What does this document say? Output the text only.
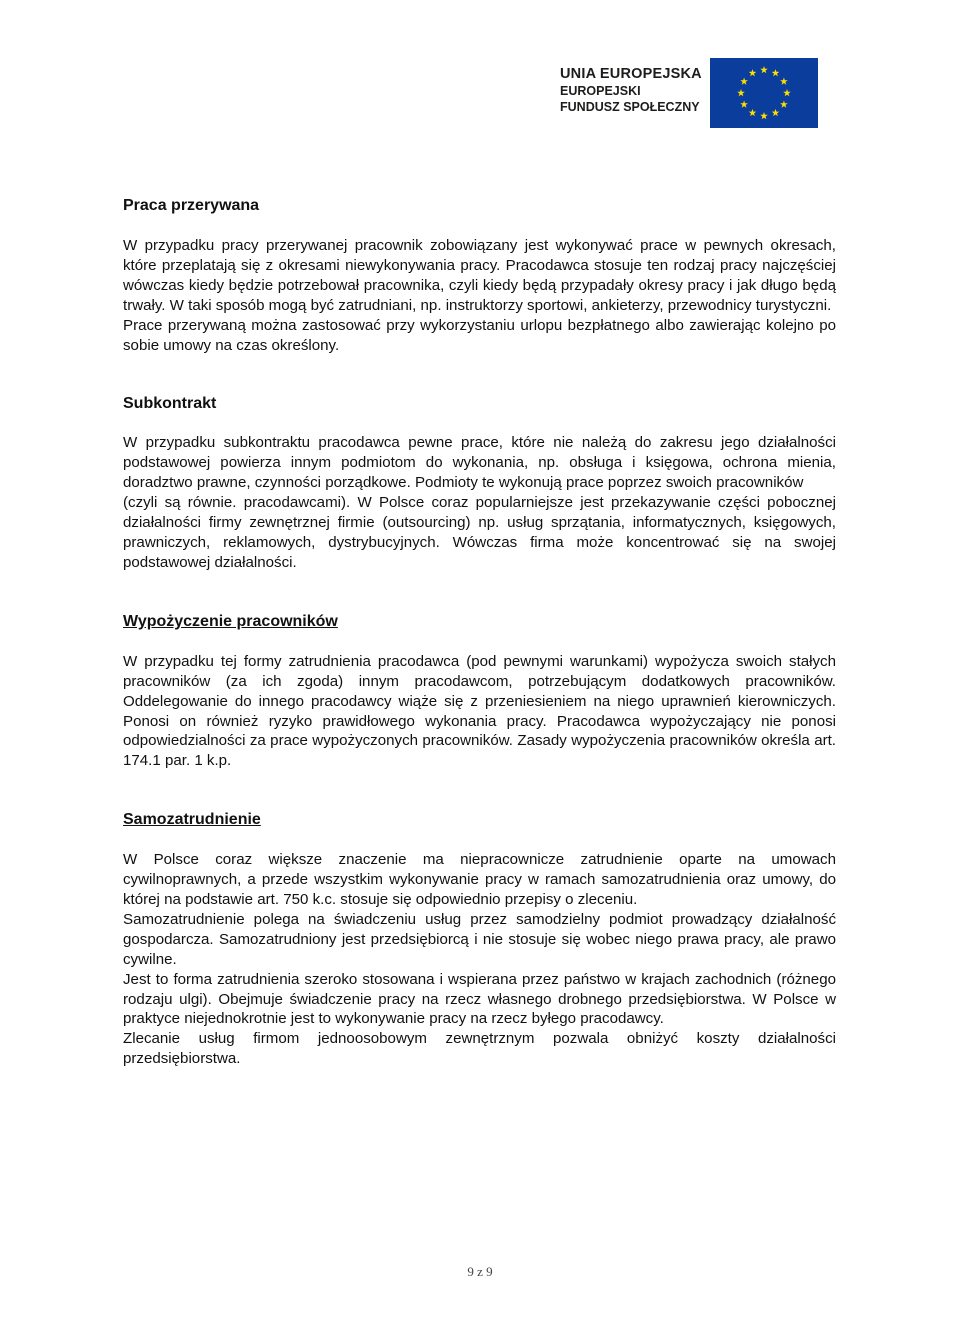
UNIA EUROPEJSKA
EUROPEJSKI
FUNDUSZ SPOŁECZNY
Praca przerywana

W przypadku pracy przerywanej pracownik zobowiązany jest wykonywać prace w pewnych okresach, które przeplatają się z okresami niewykonywania pracy. Pracodawca stosuje ten rodzaj pracy najczęściej wówczas kiedy będzie potrzebował pracownika, czyli kiedy będą przypadały okresy pracy i jak długo będą trwały. W taki sposób mogą być zatrudniani, np. instruktorzy sportowi, ankieterzy, przewodnicy turystyczni.

Prace przerywaną można zastosować przy wykorzystaniu urlopu bezpłatnego albo zawierając kolejno po sobie umowy na czas określony.

Subkontrakt

W przypadku subkontraktu pracodawca pewne prace, które nie należą do zakresu jego działalności podstawowej powierza innym podmiotom do wykonania, np. obsługa i księgowa, ochrona mienia, doradztwo prawne, czynności porządkowe. Podmioty te wykonują prace poprzez swoich pracowników

(czyli są równie. pracodawcami). W Polsce coraz popularniejsze jest przekazywanie części pobocznej działalności firmy zewnętrznej firmie (outsourcing) np. usług sprzątania, informatycznych, księgowych, prawniczych, reklamowych, dystrybucyjnych. Wówczas firma może koncentrować się na swojej podstawowej działalności.

Wypożyczenie pracowników

W przypadku tej formy zatrudnienia pracodawca (pod pewnymi warunkami) wypożycza swoich stałych pracowników (za ich zgoda) innym pracodawcom, potrzebującym dodatkowych pracowników. Oddelegowanie do innego pracodawcy wiąże się z przeniesieniem na niego uprawnień kierowniczych. Ponosi on również ryzyko prawidłowego wykonania pracy. Pracodawca wypożyczający nie ponosi odpowiedzialności za prace wypożyczonych pracowników. Zasady wypożyczenia pracowników określa art. 174.1 par. 1 k.p.

Samozatrudnienie

W Polsce coraz większe znaczenie ma niepracownicze zatrudnienie oparte na umowach cywilnoprawnych, a przede wszystkim wykonywanie pracy w ramach samozatrudnienia oraz umowy, do której na podstawie art. 750 k.c. stosuje się odpowiednio przepisy o zleceniu.

Samozatrudnienie polega na świadczeniu usług przez samodzielny podmiot prowadzący działalność gospodarcza. Samozatrudniony jest przedsiębiorcą i nie stosuje się wobec niego prawa pracy, ale prawo cywilne.

Jest to forma zatrudnienia szeroko stosowana i wspierana przez państwo w krajach zachodnich (różnego rodzaju ulgi). Obejmuje świadczenie pracy na rzecz własnego drobnego przedsiębiorstwa. W Polsce w praktyce niejednokrotnie jest to wykonywanie pracy na rzecz byłego pracodawcy.

Zlecanie usług firmom jednoosobowym zewnętrznym pozwala obniżyć koszty działalności przedsiębiorstwa.

9 z 9
